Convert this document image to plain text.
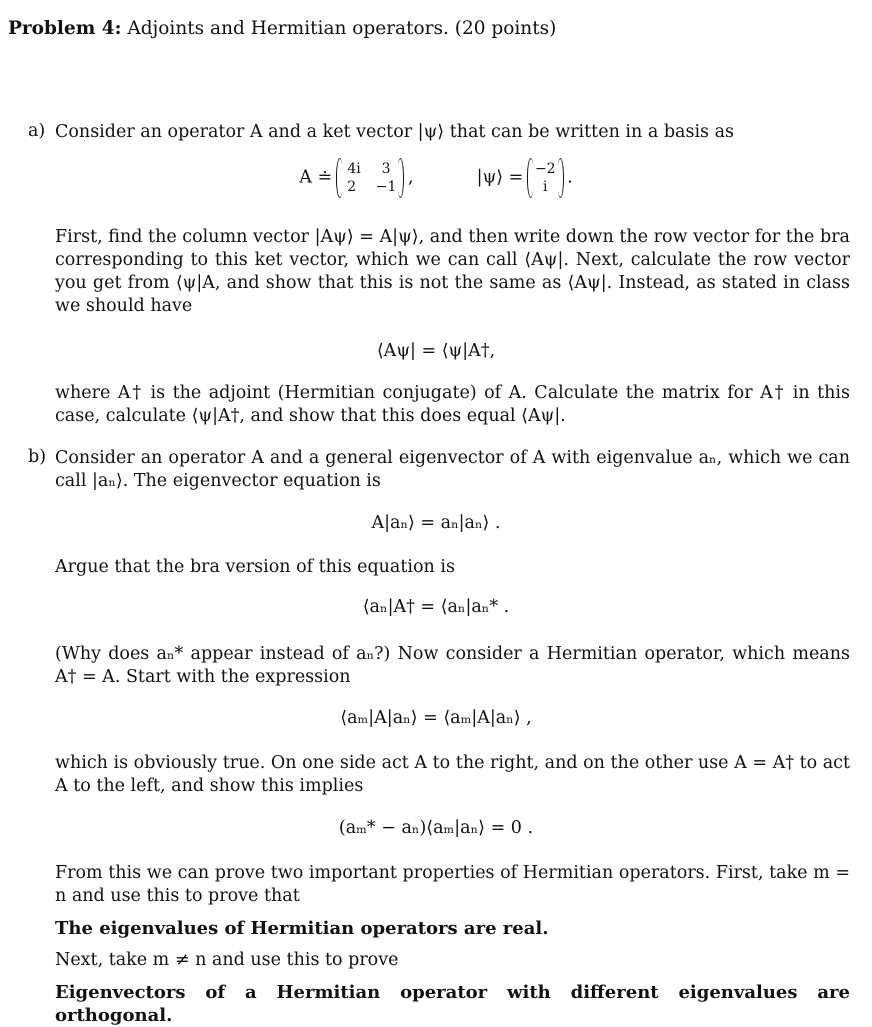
Problem 4: Adjoints and Hermitian operators. (20 points)
a) Consider an operator A and a ket vector |ψ⟩ that can be written in a basis as
A ≐ 4i 3
2 −1 ,	|ψ⟩ = −2
i	.
First, find the column vector |Aψ⟩ = A|ψ⟩, and then write down the row vector for the bra corresponding to this ket vector, which we can call ⟨Aψ|. Next, calculate the row vector you get from ⟨ψ|A, and show that this is not the same as ⟨Aψ|. Instead, as stated in class we should have
⟨Aψ| = ⟨ψ|A†,
where A† is the adjoint (Hermitian conjugate) of A. Calculate the matrix for A† in this case, calculate ⟨ψ|A†, and show that this does equal ⟨Aψ|.
b) Consider an operator A and a general eigenvector of A with eigenvalue aₙ, which we can call |aₙ⟩. The eigenvector equation is
A|aₙ⟩ = aₙ|aₙ⟩ .
Argue that the bra version of this equation is
⟨aₙ|A† = ⟨aₙ|aₙ* .
(Why does aₙ* appear instead of aₙ?) Now consider a Hermitian operator, which means A† = A. Start with the expression
⟨aₘ|A|aₙ⟩ = ⟨aₘ|A|aₙ⟩ ,
which is obviously true. On one side act A to the right, and on the other use A = A† to act A to the left, and show this implies
(aₘ* − aₙ)⟨aₘ|aₙ⟩ = 0 .
From this we can prove two important properties of Hermitian operators. First, take m = n and use this to prove that
The eigenvalues of Hermitian operators are real.
Next, take m ≠ n and use this to prove
Eigenvectors of a Hermitian operator with different eigenvalues are orthogonal.
